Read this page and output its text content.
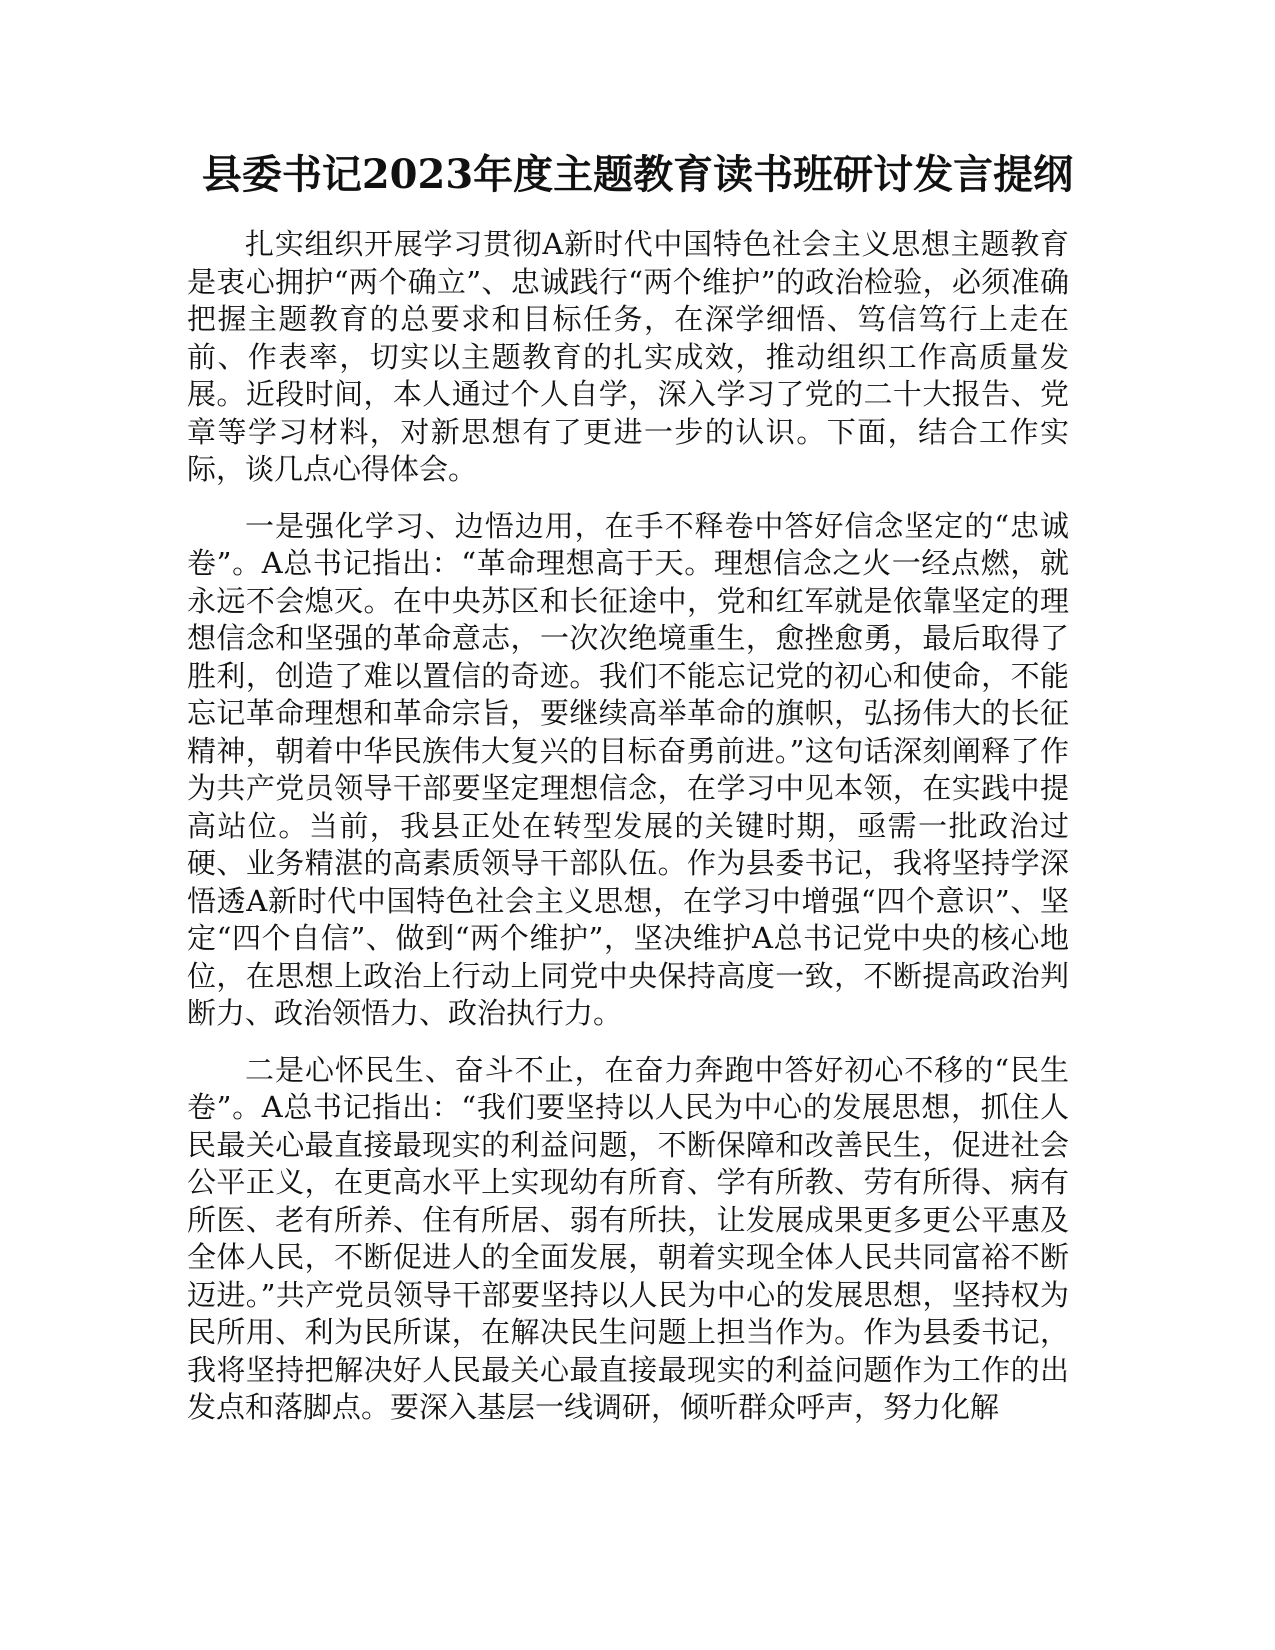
县委书记2023年度主题教育读书班研讨发言提纲

扎实组织开展学习贯彻A新时代中国特色社会主义思想主题教育是衷心拥护“两个确立”、忠诚践行“两个维护”的政治检验，必须准确把握主题教育的总要求和目标任务，在深学细悟、笃信笃行上走在前、作表率，切实以主题教育的扎实成效，推动组织工作高质量发展。近段时间，本人通过个人自学，深入学习了党的二十大报告、党章等学习材料，对新思想有了更进一步的认识。下面，结合工作实际，谈几点心得体会。

一是强化学习、边悟边用，在手不释卷中答好信念坚定的“忠诚卷”。A总书记指出：“革命理想高于天。理想信念之火一经点燃，就永远不会熄灭。在中央苏区和长征途中，党和红军就是依靠坚定的理想信念和坚强的革命意志，一次次绝境重生，愈挫愈勇，最后取得了胜利，创造了难以置信的奇迹。我们不能忘记党的初心和使命，不能忘记革命理想和革命宗旨，要继续高举革命的旗帜，弘扬伟大的长征精神，朝着中华民族伟大复兴的目标奋勇前进。”这句话深刻阐释了作为共产党员领导干部要坚定理想信念，在学习中见本领，在实践中提高站位。当前，我县正处在转型发展的关键时期，亟需一批政治过硬、业务精湛的高素质领导干部队伍。作为县委书记，我将坚持学深悟透A新时代中国特色社会主义思想，在学习中增强“四个意识”、坚定“四个自信”、做到“两个维护”，坚决维护A总书记党中央的核心地位，在思想上政治上行动上同党中央保持高度一致，不断提高政治判断力、政治领悟力、政治执行力。

二是心怀民生、奋斗不止，在奋力奔跑中答好初心不移的“民生卷”。A总书记指出：“我们要坚持以人民为中心的发展思想，抓住人民最关心最直接最现实的利益问题，不断保障和改善民生，促进社会公平正义，在更高水平上实现幼有所育、学有所教、劳有所得、病有所医、老有所养、住有所居、弱有所扶，让发展成果更多更公平惠及全体人民，不断促进人的全面发展，朝着实现全体人民共同富裕不断迈进。”共产党员领导干部要坚持以人民为中心的发展思想，坚持权为民所用、利为民所谋，在解决民生问题上担当作为。作为县委书记，我将坚持把解决好人民最关心最直接最现实的利益问题作为工作的出发点和落脚点。要深入基层一线调研，倾听群众呼声，努力化解
